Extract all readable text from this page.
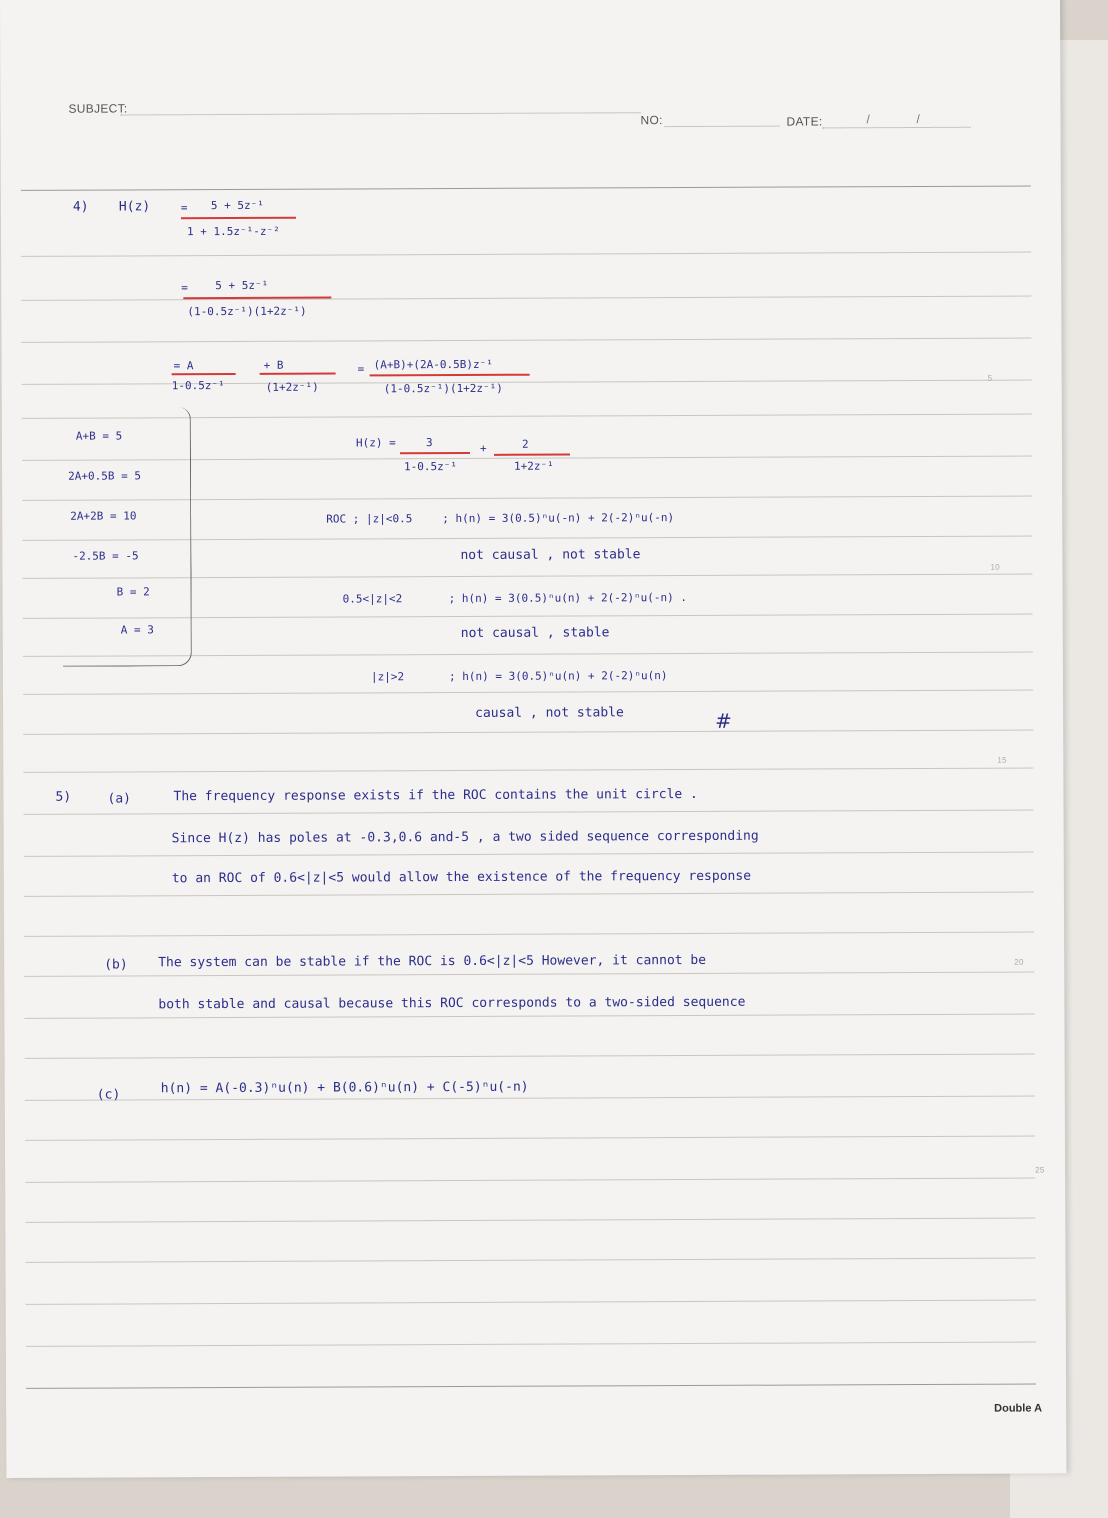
SUBJECT:
NO:	DATE:	/	/
5
10
15
20
25
4) H(z)	= 5 + 5z⁻¹
1 + 1.5z⁻¹-z⁻²
= 5 + 5z⁻¹
(1-0.5z⁻¹)(1+2z⁻¹)
= A
1-0.5z⁻¹
+ B
(1+2z⁻¹)
= (A+B)+(2A-0.5B)z⁻¹
(1-0.5z⁻¹)(1+2z⁻¹)
A+B = 5
2A+0.5B = 5
2A+2B = 10
-2.5B = -5
B = 2
A = 3
H(z) =	3
1-0.5z⁻¹
+	2
1+2z⁻¹
ROC ; |z|<0.5	; h(n) = 3(0.5)ⁿu(-n) + 2(-2)ⁿu(-n)
not causal , not stable
0.5<|z|<2	; h(n) = 3(0.5)ⁿu(n) + 2(-2)ⁿu(-n) .
not causal , stable
|z|>2	; h(n) = 3(0.5)ⁿu(n) + 2(-2)ⁿu(n)
causal , not stable	#
5)	(a)	The frequency response exists if the ROC contains the unit circle .
Since H(z) has poles at -0.3,0.6 and-5 , a two sided sequence corresponding
to an ROC of 0.6<|z|<5 would allow the existence of the frequency response
(b) The system can be stable if the ROC is 0.6<|z|<5 However, it cannot be
both stable and causal because this ROC corresponds to a two-sided sequence
(c)	h(n) = A(-0.3)ⁿu(n) + B(0.6)ⁿu(n) + C(-5)ⁿu(-n)
Double A
